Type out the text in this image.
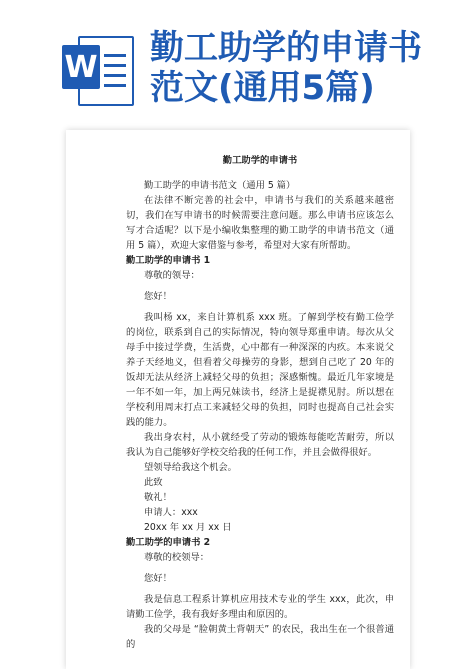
W 勤工助学的申请书
范文(通用5篇)

勤工助学的申请书

勤工助学的申请书范文（通用 5 篇）

在法律不断完善的社会中，申请书与我们的关系越来越密切，我们在写申请书的时候需要注意问题。那么申请书应该怎么写才合适呢？以下是小编收集整理的勤工助学的申请书范文（通用 5 篇），欢迎大家借鉴与参考，希望对大家有所帮助。

勤工助学的申请书 1

尊敬的领导：

您好！

我叫杨 xx，来自计算机系 xxx 班。了解到学校有勤工俭学的岗位，联系到自己的实际情况，特向领导郑重申请。每次从父母手中接过学费，生活费，心中都有一种深深的内疚。本来说父养子天经地义，但看着父母操劳的身影，想到自己吃了 20 年的饭却无法从经济上减轻父母的负担；深感惭愧。最近几年家境是一年不如一年，加上两兄妹读书，经济上是捉襟见肘。所以想在学校利用周末打点工来减轻父母的负担，同时也提高自己社会实践的能力。

我出身农村，从小就经受了劳动的锻炼每能吃苦耐劳，所以我认为自己能够好学校交给我的任何工作，并且会做得很好。

望领导给我这个机会。

此致

敬礼！

申请人：xxx

20xx 年 xx 月 xx 日

勤工助学的申请书 2

尊敬的校领导：

您好！

我是信息工程系计算机应用技术专业的学生 xxx，此次，申请勤工俭学，我有我好多理由和原因的。

我的父母是 “脸朝黄土背朝天” 的农民，我出生在一个很普通的
